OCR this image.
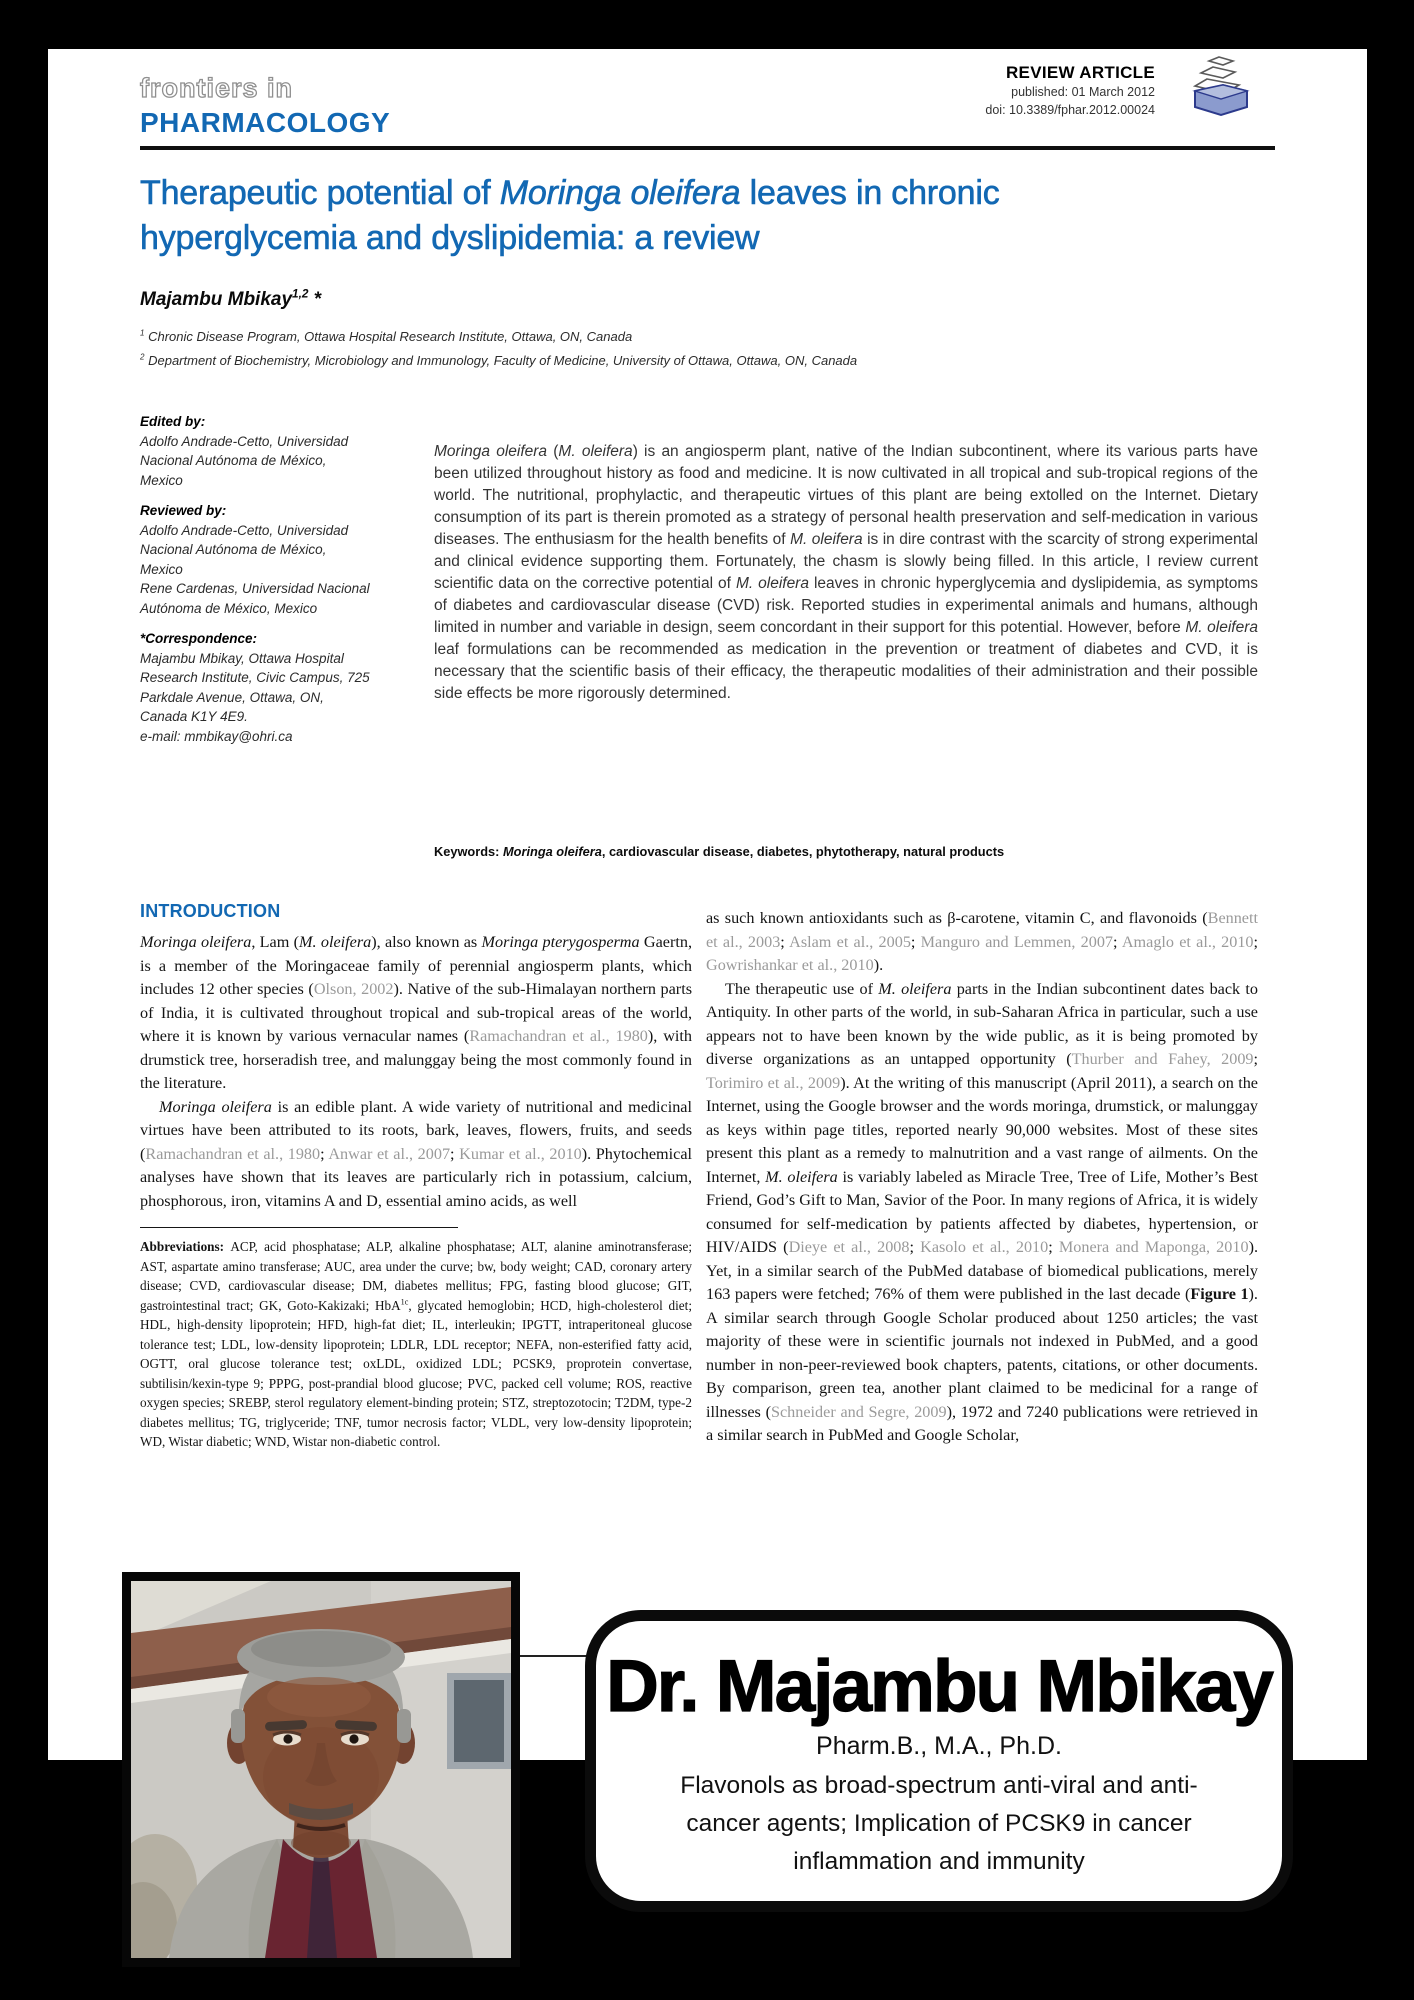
frontiers in
PHARMACOLOGY
REVIEW ARTICLE
published: 01 March 2012
doi: 10.3389/fphar.2012.00024
Therapeutic potential of Moringa oleifera leaves in chronic
hyperglycemia and dyslipidemia: a review
Majambu Mbikay$^{1,2}$ *
$^1$ Chronic Disease Program, Ottawa Hospital Research Institute, Ottawa, ON, Canada
$^2$ Department of Biochemistry, Microbiology and Immunology, Faculty of Medicine, University of Ottawa, Ottawa, ON, Canada
Edited by:
Adolfo Andrade-Cetto, Universidad
Nacional Autónoma de México,
Mexico
Reviewed by:
Adolfo Andrade-Cetto, Universidad
Nacional Autónoma de México,
Mexico
Rene Cardenas, Universidad Nacional
Autónoma de México, Mexico
*Correspondence:
Majambu Mbikay, Ottawa Hospital
Research Institute, Civic Campus, 725
Parkdale Avenue, Ottawa, ON,
Canada K1Y 4E9.
e-mail: mmbikay@ohri.ca
Moringa oleifera (M. oleifera) is an angiosperm plant, native of the Indian subcontinent, where its various parts have been utilized throughout history as food and medicine. It is now cultivated in all tropical and sub-tropical regions of the world. The nutritional, prophylactic, and therapeutic virtues of this plant are being extolled on the Internet. Dietary consumption of its part is therein promoted as a strategy of personal health preservation and self-medication in various diseases. The enthusiasm for the health benefits of M. oleifera is in dire contrast with the scarcity of strong experimental and clinical evidence supporting them. Fortunately, the chasm is slowly being filled. In this article, I review current scientific data on the corrective potential of M. oleifera leaves in chronic hyperglycemia and dyslipidemia, as symptoms of diabetes and cardiovascular disease (CVD) risk. Reported studies in experimental animals and humans, although limited in number and variable in design, seem concordant in their support for this potential. However, before M. oleifera leaf formulations can be recommended as medication in the prevention or treatment of diabetes and CVD, it is necessary that the scientific basis of their efficacy, the therapeutic modalities of their administration and their possible side effects be more rigorously determined.
Keywords: Moringa oleifera, cardiovascular disease, diabetes, phytotherapy, natural products
INTRODUCTION

Moringa oleifera, Lam (M. oleifera), also known as Moringa pterygosperma Gaertn, is a member of the Moringaceae family of perennial angiosperm plants, which includes 12 other species (Olson, 2002). Native of the sub-Himalayan northern parts of India, it is cultivated throughout tropical and sub-tropical areas of the world, where it is known by various vernacular names (Ramachandran et al., 1980), with drumstick tree, horseradish tree, and malunggay being the most commonly found in the literature.

Moringa oleifera is an edible plant. A wide variety of nutritional and medicinal virtues have been attributed to its roots, bark, leaves, flowers, fruits, and seeds (Ramachandran et al., 1980; Anwar et al., 2007; Kumar et al., 2010). Phytochemical analyses have shown that its leaves are particularly rich in potassium, calcium, phosphorous, iron, vitamins A and D, essential amino acids, as well

Abbreviations: ACP, acid phosphatase; ALP, alkaline phosphatase; ALT, alanine aminotransferase; AST, aspartate amino transferase; AUC, area under the curve; bw, body weight; CAD, coronary artery disease; CVD, cardiovascular disease; DM, diabetes mellitus; FPG, fasting blood glucose; GIT, gastrointestinal tract; GK, Goto-Kakizaki; HbA$^{1c}$, glycated hemoglobin; HCD, high-cholesterol diet; HDL, high-density lipoprotein; HFD, high-fat diet; IL, interleukin; IPGTT, intraperitoneal glucose tolerance test; LDL, low-density lipoprotein; LDLR, LDL receptor; NEFA, non-esterified fatty acid, OGTT, oral glucose tolerance test; oxLDL, oxidized LDL; PCSK9, proprotein convertase, subtilisin/kexin-type 9; PPPG, post-prandial blood glucose; PVC, packed cell volume; ROS, reactive oxygen species; SREBP, sterol regulatory element-binding protein; STZ, streptozotocin; T2DM, type-2 diabetes mellitus; TG, triglyceride; TNF, tumor necrosis factor; VLDL, very low-density lipoprotein; WD, Wistar diabetic; WND, Wistar non-diabetic control.

as such known antioxidants such as β-carotene, vitamin C, and flavonoids (Bennett et al., 2003; Aslam et al., 2005; Manguro and Lemmen, 2007; Amaglo et al., 2010; Gowrishankar et al., 2010).

The therapeutic use of M. oleifera parts in the Indian subcontinent dates back to Antiquity. In other parts of the world, in sub-Saharan Africa in particular, such a use appears not to have been known by the wide public, as it is being promoted by diverse organizations as an untapped opportunity (Thurber and Fahey, 2009; Torimiro et al., 2009). At the writing of this manuscript (April 2011), a search on the Internet, using the Google browser and the words moringa, drumstick, or malunggay as keys within page titles, reported nearly 90,000 websites. Most of these sites present this plant as a remedy to malnutrition and a vast range of ailments. On the Internet, M. oleifera is variably labeled as Miracle Tree, Tree of Life, Mother’s Best Friend, God’s Gift to Man, Savior of the Poor. In many regions of Africa, it is widely consumed for self-medication by patients affected by diabetes, hypertension, or HIV/AIDS (Dieye et al., 2008; Kasolo et al., 2010; Monera and Maponga, 2010). Yet, in a similar search of the PubMed database of biomedical publications, merely 163 papers were fetched; 76% of them were published in the last decade (Figure 1). A similar search through Google Scholar produced about 1250 articles; the vast majority of these were in scientific journals not indexed in PubMed, and a good number in non-peer-reviewed book chapters, patents, citations, or other documents. By comparison, green tea, another plant claimed to be medicinal for a range of illnesses (Schneider and Segre, 2009), 1972 and 7240 publications were retrieved in a similar search in PubMed and Google Scholar,

Dr. Majambu Mbikay
Pharm.B., M.A., Ph.D.
Flavonols as broad-spectrum anti-viral and anti-cancer agents; Implication of PCSK9 in cancer inflammation and immunity
